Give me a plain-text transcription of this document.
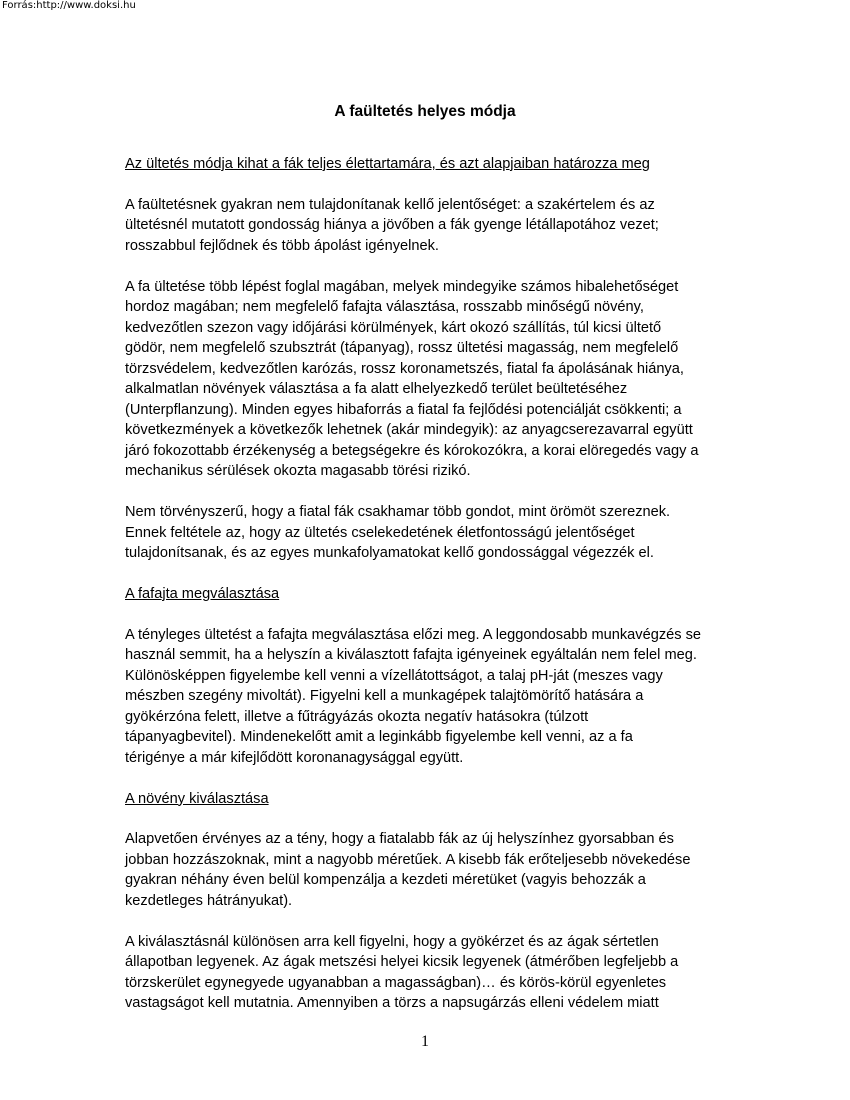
Forrás:http://www.doksi.hu
A faültetés helyes módja
Az ültetés módja kihat a fák teljes élettartamára, és azt alapjaiban határozza meg
A faültetésnek gyakran nem tulajdonítanak kellő jelentőséget: a szakértelem és az
ültetésnél mutatott gondosság hiánya a jövőben a fák gyenge létállapotához vezet;
rosszabbul fejlődnek és több ápolást igényelnek.
A fa ültetése több lépést foglal magában, melyek mindegyike számos hibalehetőséget
hordoz magában; nem megfelelő fafajta választása, rosszabb minőségű növény,
kedvezőtlen szezon vagy időjárási körülmények, kárt okozó szállítás, túl kicsi ültető
gödör, nem megfelelő szubsztrát (tápanyag), rossz ültetési magasság, nem megfelelő
törzsvédelem, kedvezőtlen karózás, rossz koronametszés, fiatal fa ápolásának hiánya,
alkalmatlan növények választása a fa alatt elhelyezkedő terület beültetéséhez
(Unterpflanzung). Minden egyes hibaforrás a fiatal fa fejlődési potenciálját csökkenti; a
következmények a következők lehetnek (akár mindegyik): az anyagcserezavarral együtt
járó fokozottabb érzékenység a betegségekre és kórokozókra, a korai elöregedés vagy a
mechanikus sérülések okozta magasabb törési rizikó.
Nem törvényszerű, hogy a fiatal fák csakhamar több gondot, mint örömöt szereznek.
Ennek feltétele az, hogy az ültetés cselekedetének életfontosságú jelentőséget
tulajdonítsanak, és az egyes munkafolyamatokat kellő gondossággal végezzék el.
A fafajta megválasztása
A tényleges ültetést a fafajta megválasztása előzi meg. A leggondosabb munkavégzés se
használ semmit, ha a helyszín a kiválasztott fafajta igényeinek egyáltalán nem felel meg.
Különösképpen figyelembe kell venni a vízellátottságot, a talaj pH-ját (meszes vagy
mészben szegény mivoltát). Figyelni kell a munkagépek talajtömörítő hatására a
gyökérzóna felett, illetve a fűtrágyázás okozta negatív hatásokra (túlzott
tápanyagbevitel). Mindenekelőtt amit a leginkább figyelembe kell venni, az a fa
térigénye a már kifejlődött koronanagysággal együtt.
A növény kiválasztása
Alapvetően érvényes az a tény, hogy a fiatalabb fák az új helyszínhez gyorsabban és
jobban hozzászoknak, mint a nagyobb méretűek. A kisebb fák erőteljesebb növekedése
gyakran néhány éven belül kompenzálja a kezdeti méretüket (vagyis behozzák a
kezdetleges hátrányukat).
A kiválasztásnál különösen arra kell figyelni, hogy a gyökérzet és az ágak sértetlen
állapotban legyenek. Az ágak metszési helyei kicsik legyenek (átmérőben legfeljebb a
törzskerület egynegyede ugyanabban a magasságban)… és körös-körül egyenletes
vastagságot kell mutatnia. Amennyiben a törzs a napsugárzás elleni védelem miatt
1
